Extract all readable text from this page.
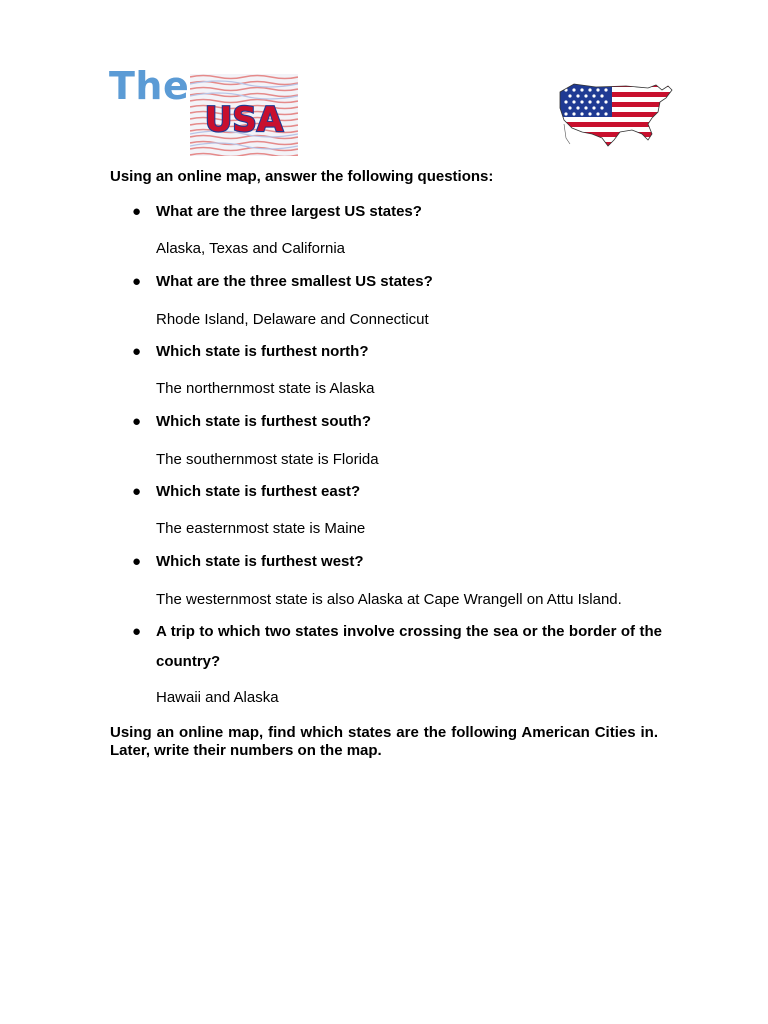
The
USA
Using an online map, answer the following questions:
● What are the three largest US states?
Alaska, Texas and California
● What are the three smallest US states?
Rhode Island, Delaware and Connecticut
● Which state is furthest north?
The northernmost state is Alaska
● Which state is furthest south?
The southernmost state is Florida
● Which state is furthest east?
The easternmost state is Maine
● Which state is furthest west?
The westernmost state is also Alaska at Cape Wrangell on Attu Island.
● A trip to which two states involve crossing the sea or the border of the country?
Hawaii and Alaska
Using an online map, find which states are the following American Cities in. Later, write their numbers on the map.
